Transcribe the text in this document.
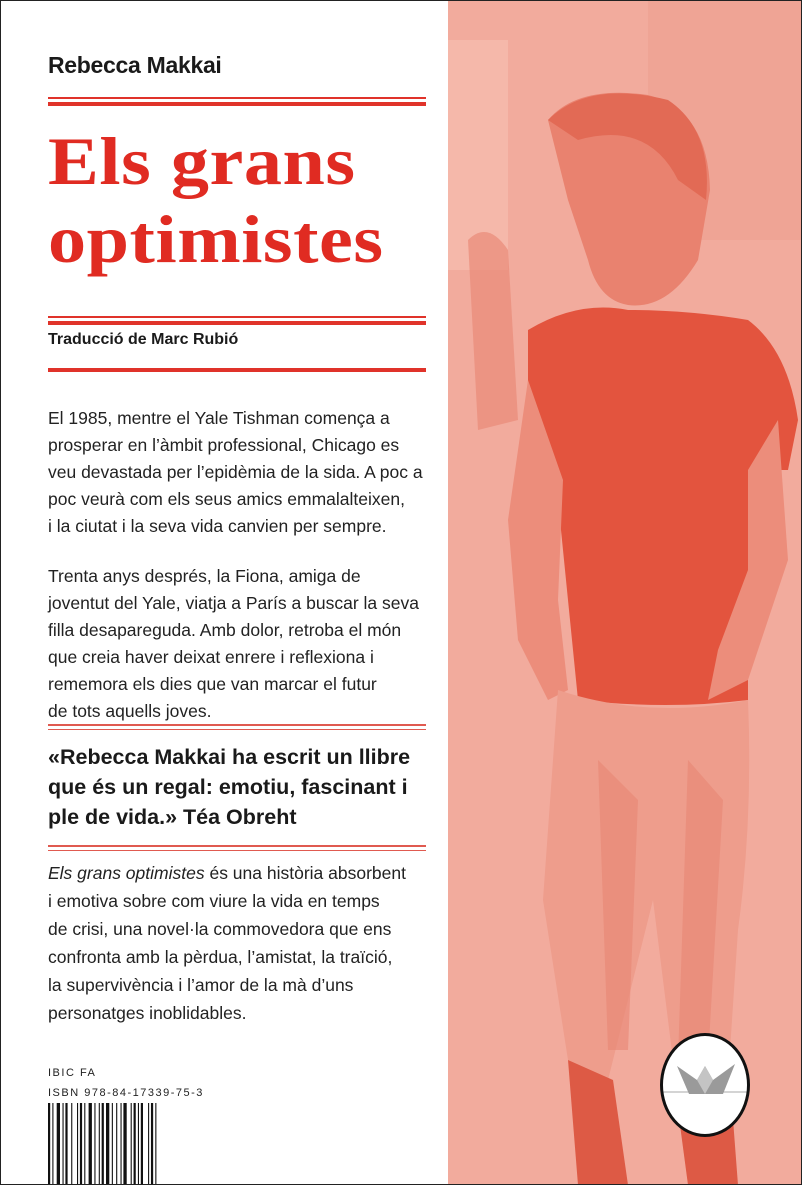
Rebecca Makkai
Els grans
optimistes
Traducció de Marc Rubió
El 1985, mentre el Yale Tishman comença a
prosperar en l’àmbit professional, Chicago es
veu devastada per l’epidèmia de la sida. A poc a
poc veurà com els seus amics emmalalteixen,
i la ciutat i la seva vida canvien per sempre.
Trenta anys després, la Fiona, amiga de
joventut del Yale, viatja a París a buscar la seva
filla desapareguda. Amb dolor, retroba el món
que creia haver deixat enrere i reflexiona i
rememora els dies que van marcar el futur
de tots aquells joves.
«Rebecca Makkai ha escrit un llibre
que és un regal: emotiu, fascinant i
ple de vida.» Téa Obreht
Els grans optimistes és una història absorbent
i emotiva sobre com viure la vida en temps
de crisi, una novel·la commovedora que ens
confronta amb la pèrdua, l’amistat, la traïció,
la supervivència i l’amor de la mà d’uns
personatges inoblidables.
IBIC FA
ISBN 978-84-17339-75-3
